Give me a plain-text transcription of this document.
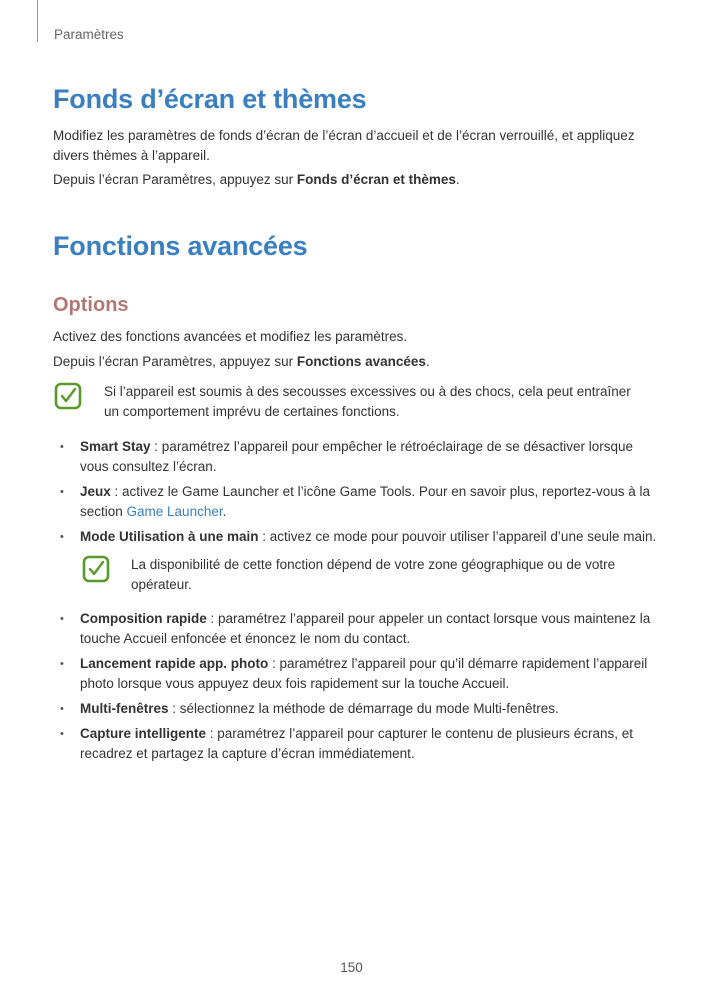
Paramètres
Fonds d’écran et thèmes

Modifiez les paramètres de fonds d’écran de l’écran d’accueil et de l’écran verrouillé, et appliquez divers thèmes à l’appareil.

Depuis l’écran Paramètres, appuyez sur Fonds d’écran et thèmes.

Fonctions avancées
Options

Activez des fonctions avancées et modifiez les paramètres.

Depuis l’écran Paramètres, appuyez sur Fonctions avancées.

Si l’appareil est soumis à des secousses excessives ou à des chocs, cela peut entraîner un comportement imprévu de certaines fonctions.

•	Smart Stay : paramétrez l’appareil pour empêcher le rétroéclairage de se désactiver lorsque vous consultez l’écran.
•	Jeux : activez le Game Launcher et l’icône Game Tools. Pour en savoir plus, reportez-vous à la section Game Launcher.
•	Mode Utilisation à une main : activez ce mode pour pouvoir utiliser l’appareil d’une seule main.

La disponibilité de cette fonction dépend de votre zone géographique ou de votre opérateur.

•	Composition rapide : paramétrez l’appareil pour appeler un contact lorsque vous maintenez la touche Accueil enfoncée et énoncez le nom du contact.
•	Lancement rapide app. photo : paramétrez l’appareil pour qu’il démarre rapidement l’appareil photo lorsque vous appuyez deux fois rapidement sur la touche Accueil.
•	Multi-fenêtres : sélectionnez la méthode de démarrage du mode Multi-fenêtres.
•	Capture intelligente : paramétrez l’appareil pour capturer le contenu de plusieurs écrans, et recadrez et partagez la capture d’écran immédiatement.
150
